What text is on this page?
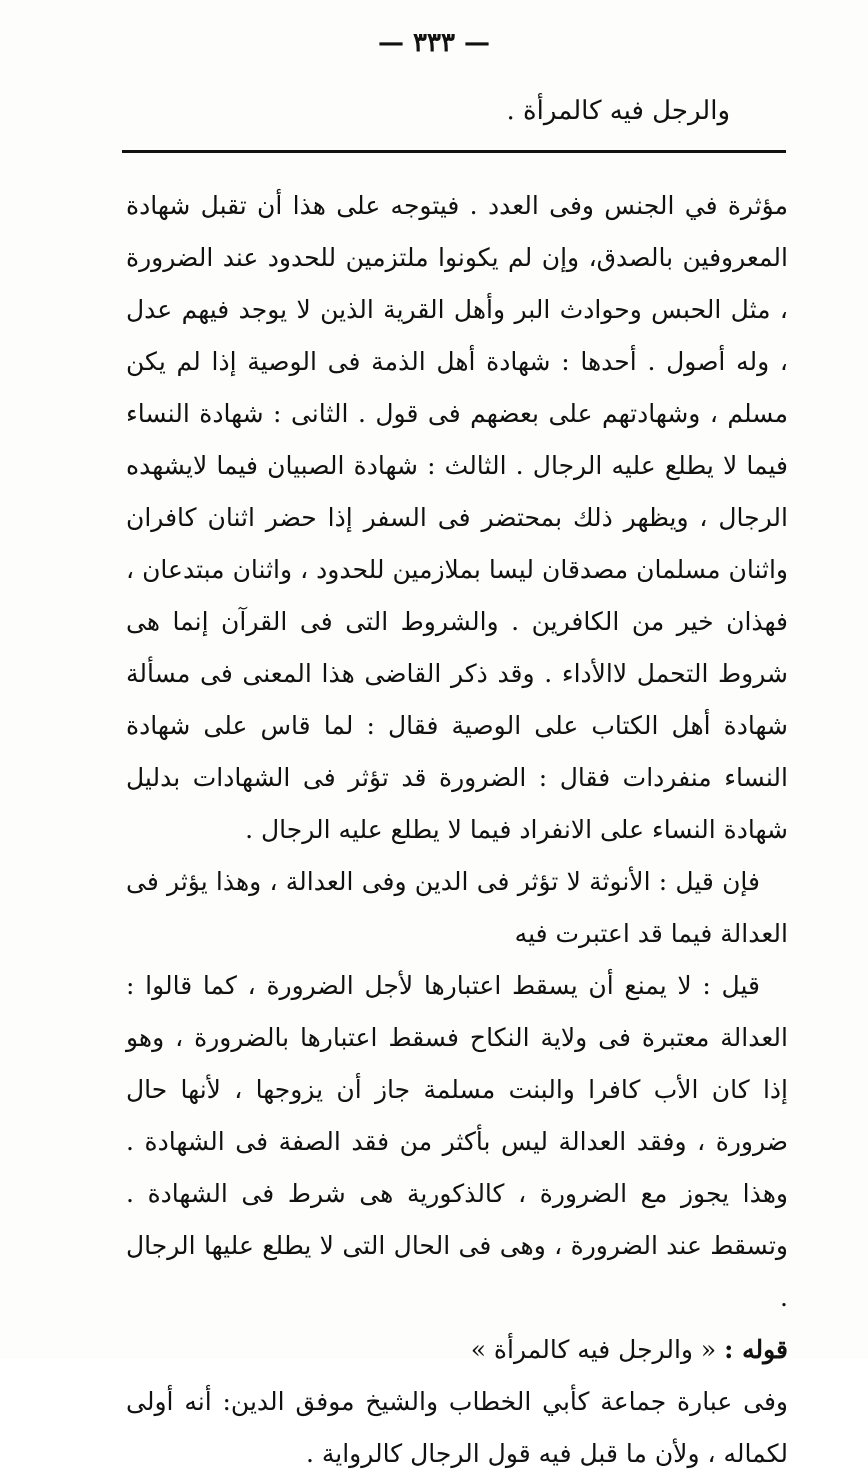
— ٣٣٣ —
والرجل فيه كالمرأة .

مؤثرة في الجنس وفى العدد . فيتوجه على هذا أن تقبل شهادة المعروفين بالصدق، وإن لم يكونوا ملتزمين للحدود عند الضرورة ، مثل الحبس وحوادث البر وأهل القرية الذين لا يوجد فيهم عدل ، وله أصول . أحدها : شهادة أهل الذمة فى الوصية إذا لم يكن مسلم ، وشهادتهم على بعضهم فى قول . الثانى : شهادة النساء فيما لا يطلع عليه الرجال . الثالث : شهادة الصبيان فيما لايشهده الرجال ، ويظهر ذلك بمحتضر فى السفر إذا حضر اثنان كافران واثنان مسلمان مصدقان ليسا بملازمين للحدود ، واثنان مبتدعان ، فهذان خير من الكافرين . والشروط التى فى القرآن إنما هى شروط التحمل لاالأداء . وقد ذكر القاضى هذا المعنى فى مسألة شهادة أهل الكتاب على الوصية فقال : لما قاس على شهادة النساء منفردات فقال : الضرورة قد تؤثر فى الشهادات بدليل شهادة النساء على الانفراد فيما لا يطلع عليه الرجال .

فإن قيل : الأنوثة لا تؤثر فى الدين وفى العدالة ، وهذا يؤثر فى العدالة فيما قد اعتبرت فيه

قيل : لا يمنع أن يسقط اعتبارها لأجل الضرورة ، كما قالوا : العدالة معتبرة فى ولاية النكاح فسقط اعتبارها بالضرورة ، وهو إذا كان الأب كافرا والبنت مسلمة جاز أن يزوجها ، لأنها حال ضرورة ، وفقد العدالة ليس بأكثر من فقد الصفة فى الشهادة . وهذا يجوز مع الضرورة ، كالذكورية هى شرط فى الشهادة . وتسقط عند الضرورة ، وهى فى الحال التى لا يطلع عليها الرجال .

قوله : « والرجل فيه كالمرأة »

وفى عبارة جماعة كأبي الخطاب والشيخ موفق الدين: أنه أولى لكماله ، ولأن ما قبل فيه قول الرجال كالرواية .
